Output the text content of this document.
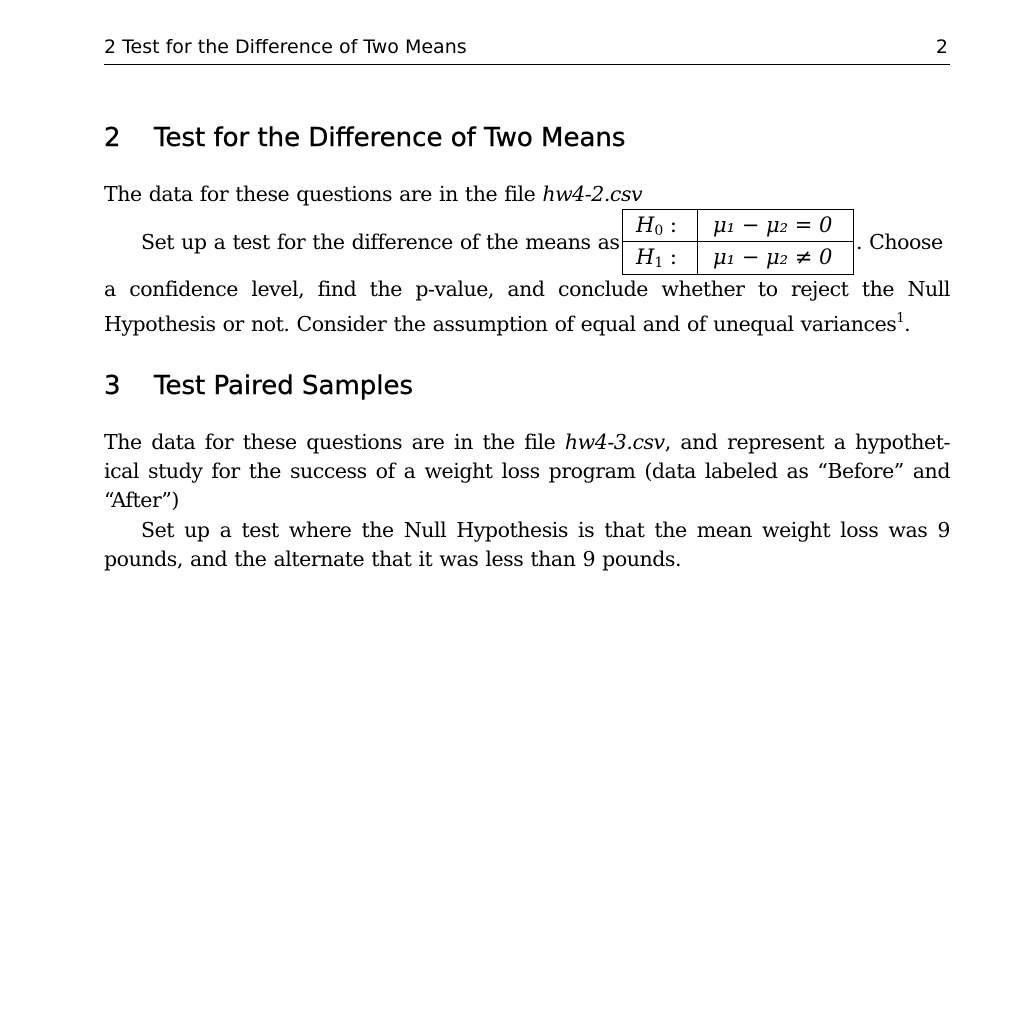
2 Test for the Difference of Two Means	2
2 Test for the Difference of Two Means
The data for these questions are in the file hw4-2.csv
Set up a test for the difference of the means as	. Choose
a confidence level, find the p-value, and conclude whether to reject the Null
Hypothesis or not. Consider the assumption of equal and of unequal variances$^1$.
$H_0$ : μ₁ − μ₂ = 0
$H_1$ : μ₁ − μ₂ ≠ 0
3 Test Paired Samples
The data for these questions are in the file hw4-3.csv, and represent a hypothet-
ical study for the success of a weight loss program (data labeled as “Before” and
“After”)
Set up a test where the Null Hypothesis is that the mean weight loss was 9
pounds, and the alternate that it was less than 9 pounds.
